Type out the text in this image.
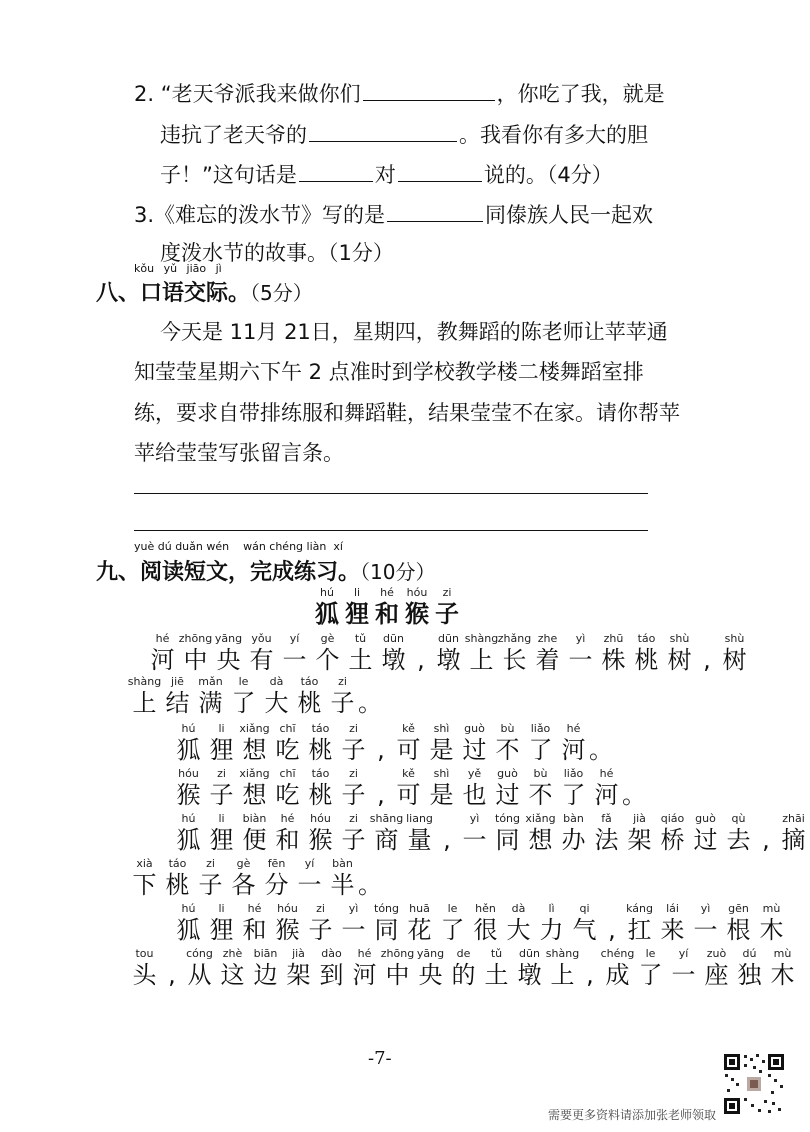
2. “老天爷派我来做你们	，你吃了我，就是
违抗了老天爷的	。我看你有多大的胆
子！”这句话是	对	说的。（4分）
3.《难忘的泼水节》写的是	同傣族人民一起欢
度泼水节的故事。（1分）
kǒu yǔ jiāo jì
八、口语交际。（5分）
今天是 11月 21日，星期四，教舞蹈的陈老师让苹苹通
知莹莹星期六下午 2 点准时到学校教学楼二楼舞蹈室排
练，要求自带排练服和舞蹈鞋，结果莹莹不在家。请你帮苹
苹给莹莹写张留言条。
yuè dú duǎn wén    wán chéng liàn  xí
九、阅读短文，完成练习。（10分）
hú
狐
li
狸
hé
和
hóu
猴
zi
子
hé
河
zhōng
中
yāng
央
yǒu
有
yí
一
gè
个
tǔ
土
dūn
墩 ,
dūn
墩
shàng
上
zhǎng
长
zhe
着
yì
一
zhū
株
táo
桃
shù
树 ,
shù
树
shàng
上
jiē
结
mǎn
满
le
了
dà
大
táo
桃
zi
子 。
hú
狐
li
狸
xiǎng
想
chī
吃
táo
桃
zi
子 ,
kě
可
shì
是
guò
过
bù
不
liǎo
了
hé
河 。
hóu
猴
zi
子
xiǎng
想
chī
吃
táo
桃
zi
子 ,
kě
可
shì
是
yě
也
guò
过
bù
不
liǎo
了
hé
河 。
hú
狐
li
狸
biàn
便
hé
和
hóu
猴
zi
子
shāng
商
liang
量 ,
yì
一
tóng
同
xiǎng
想
bàn
办
fǎ
法
jià
架
qiáo
桥
guò
过
qù
去 ,
zhāi
摘
xià
下
táo
桃
zi
子
gè
各
fēn
分
yí
一
bàn
半 。
hú
狐
li
狸
hé
和
hóu
猴
zi
子
yì
一
tóng
同
huā
花
le
了
hěn
很
dà
大
lì
力
qi
气 ,
káng
扛
lái
来
yì
一
gēn
根
mù
木
tou
头 ,
cóng
从
zhè
这
biān
边
jià
架
dào
到
hé
河
zhōng
中
yāng
央
de
的
tǔ
土
dūn
墩
shàng
上 ,
chéng
成
le
了
yí
一
zuò
座
dú
独
mù
木
-7-
需要更多资料请添加张老师领取
